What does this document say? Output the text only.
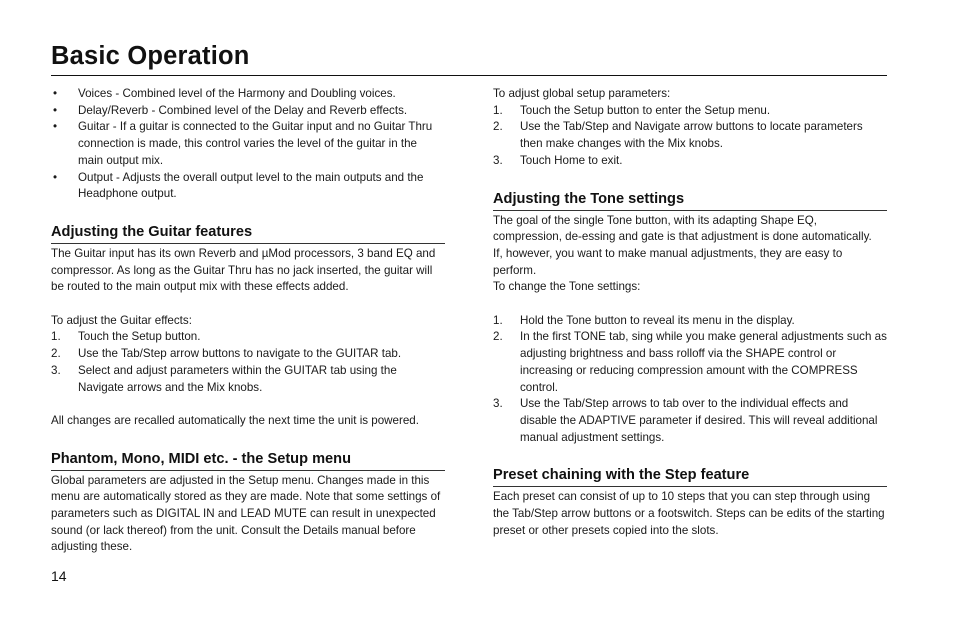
Basic Operation
• Voices - Combined level of the Harmony and Doubling voices.
• Delay/Reverb - Combined level of the Delay and Reverb effects.
• Guitar - If a guitar is connected to the Guitar input and no Guitar Thru connection is made, this control varies the level of the guitar in the main output mix.
• Output - Adjusts the overall output level to the main outputs and the Headphone output.
Adjusting the Guitar features

The Guitar input has its own Reverb and µMod processors, 3 band EQ and compressor. As long as the Guitar Thru has no jack inserted, the guitar will be routed to the main output mix with these effects added.

To adjust the Guitar effects:

1. Touch the Setup button.
2. Use the Tab/Step arrow buttons to navigate to the GUITAR tab.
3. Select and adjust parameters within the GUITAR tab using the Navigate arrows and the Mix knobs.

All changes are recalled automatically the next time the unit is powered.

Phantom, Mono, MIDI etc. - the Setup menu

Global parameters are adjusted in the Setup menu. Changes made in this menu are automatically stored as they are made. Note that some settings of parameters such as DIGITAL IN and LEAD MUTE can result in unexpected sound (or lack thereof) from the unit. Consult the Details manual before adjusting these.

To adjust global setup parameters:

1. Touch the Setup button to enter the Setup menu.
2. Use the Tab/Step and Navigate arrow buttons to locate parameters then make changes with the Mix knobs.
3. Touch Home to exit.
Adjusting the Tone settings

The goal of the single Tone button, with its adapting Shape EQ, compression, de-essing and gate is that adjustment is done automatically.

If, however, you want to make manual adjustments, they are easy to perform.

To change the Tone settings:

1. Hold the Tone button to reveal its menu in the display.
2. In the first TONE tab, sing while you make general adjustments such as adjusting brightness and bass rolloff via the SHAPE control or increasing or reducing compression amount with the COMPRESS control.
3. Use the Tab/Step arrows to tab over to the individual effects and disable the ADAPTIVE parameter if desired. This will reveal additional manual adjustment settings.
Preset chaining with the Step feature

Each preset can consist of up to 10 steps that you can step through using the Tab/Step arrow buttons or a footswitch. Steps can be edits of the starting preset or other presets copied into the slots.

14
